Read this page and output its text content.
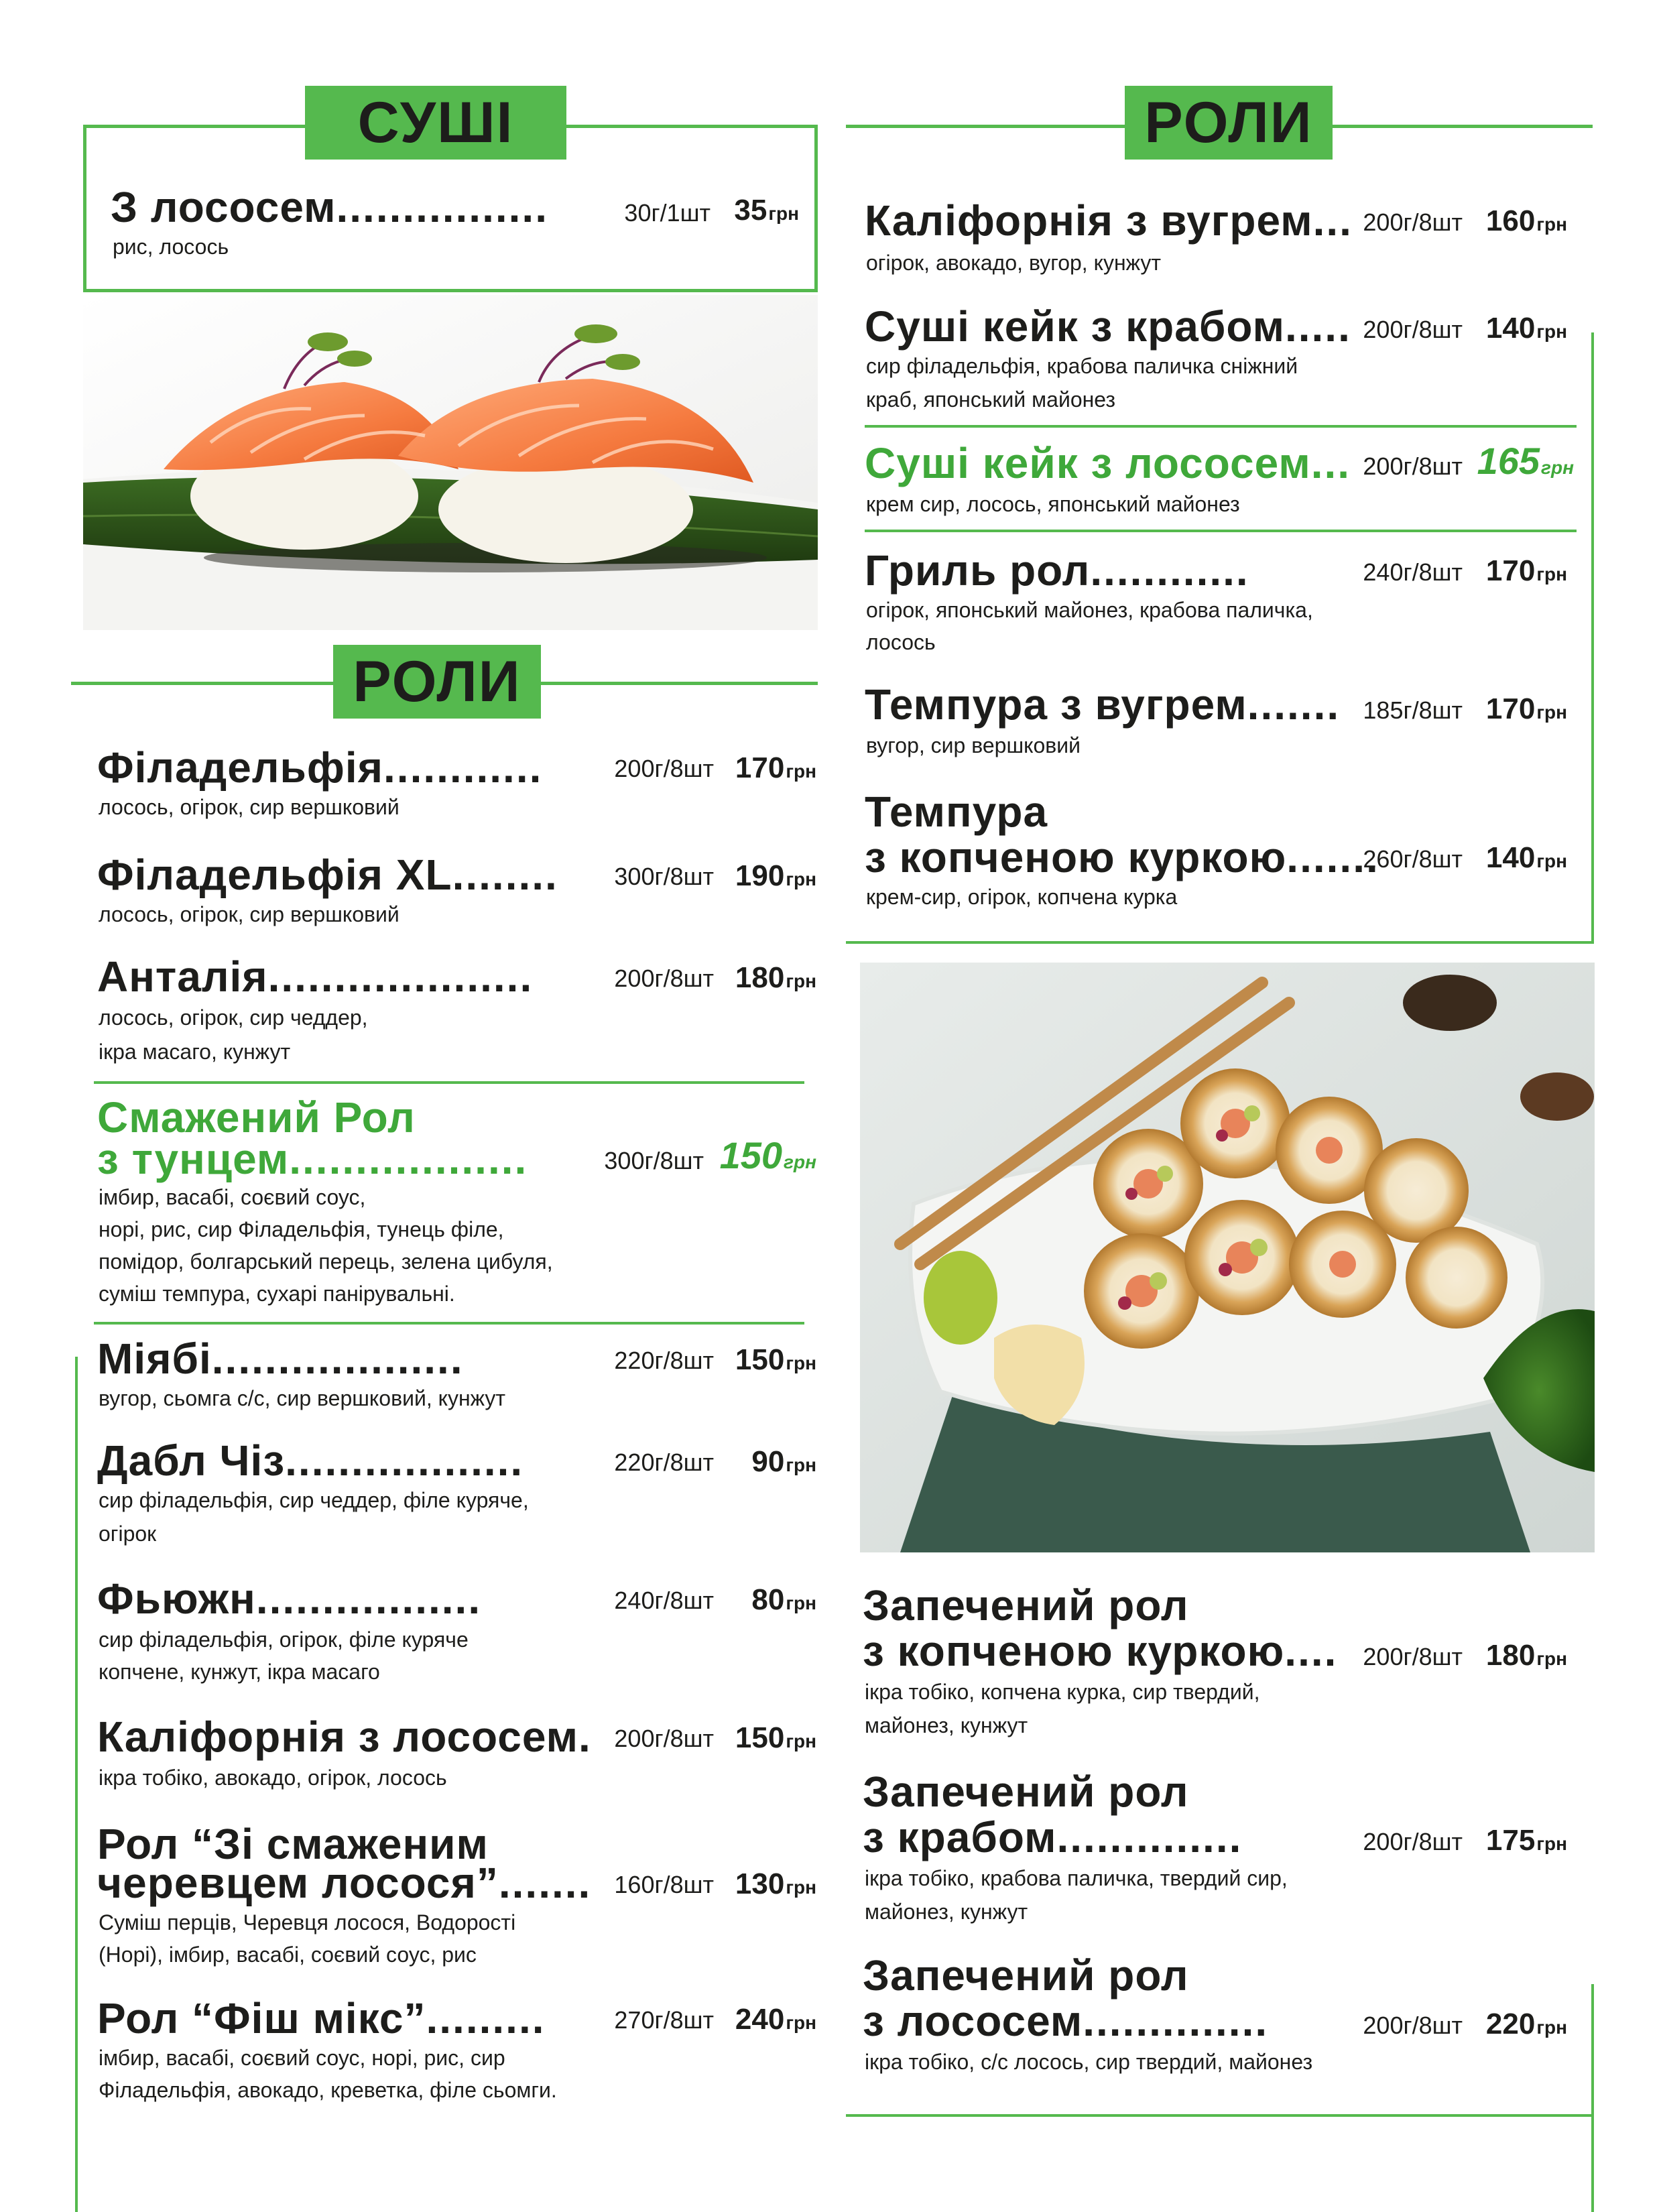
СУШІ
З лососем................	30г/1шт 35грн
рис, лосось
РОЛИ
Філадельфія............	200г/8шт 170грн
лосось, огірок, сир вершковий
Філадельфія XL........	300г/8шт 190грн
лосось, огірок, сир вершковий
Анталія....................	200г/8шт 180грн
лосось, огірок, сир чеддер,
ікра масаго, кунжут
Смажений Рол
з тунцем..................	300г/8шт 150грн
імбир, васабі, соєвий соус,
норі, рис, сир Філадельфія, тунець філе,
помідор, болгарський перець, зелена цибуля,
суміш темпура, сухарі панірувальні.
Міябі...................	220г/8шт 150грн
вугор, сьомга с/с, сир вершковий, кунжут
Дабл Чіз..................	220г/8шт	90грн
сир філадельфія, сир чеддер, філе куряче,
огірок
Фьюжн.................	240г/8шт	80грн
сир філадельфія, огірок, філе куряче
копчене, кунжут, ікра масаго
Каліфорнія з лососем. 200г/8шт 150грн
ікра тобіко, авокадо, огірок, лосось
Рол “Зі смаженим
черевцем лосося”....... 160г/8шт 130грн
Суміш перців, Черевця лосося, Водорості
(Норі), імбир, васабі, соєвий соус, рис
Рол “Фіш мікс”.........	270г/8шт 240грн
імбир, васабі, соєвий соус, норі, рис, сир
Філадельфія, авокадо, креветка, філе сьомги.
РОЛИ
Каліфорнія з вугрем... 200г/8шт 160грн
огірок, авокадо, вугор, кунжут
Суші кейк з крабом..... 200г/8шт 140грн
сир філадельфія, крабова паличка сніжний
краб, японський майонез
Суші кейк з лососем... 200г/8шт 165грн
крем сир, лосось, японський майонез
Гриль рол............	240г/8шт 170грн
огірок, японський майонез, крабова паличка,
лосось
Темпура з вугрем....... 185г/8шт 170грн
вугор, сир вершковий
Темпура
з копченою куркою.......
260г/8шт 140грн
крем-сир, огірок, копчена курка
Запечений рол
з копченою куркою....	200г/8шт 180грн
ікра тобіко, копчена курка, сир твердий,
майонез, кунжут
Запечений рол
з крабом..............	200г/8шт 175грн
ікра тобіко, крабова паличка, твердий сир,
майонез, кунжут
Запечений рол
з лососем..............	200г/8шт 220грн
ікра тобіко, с/с лосось, сир твердий, майонез
